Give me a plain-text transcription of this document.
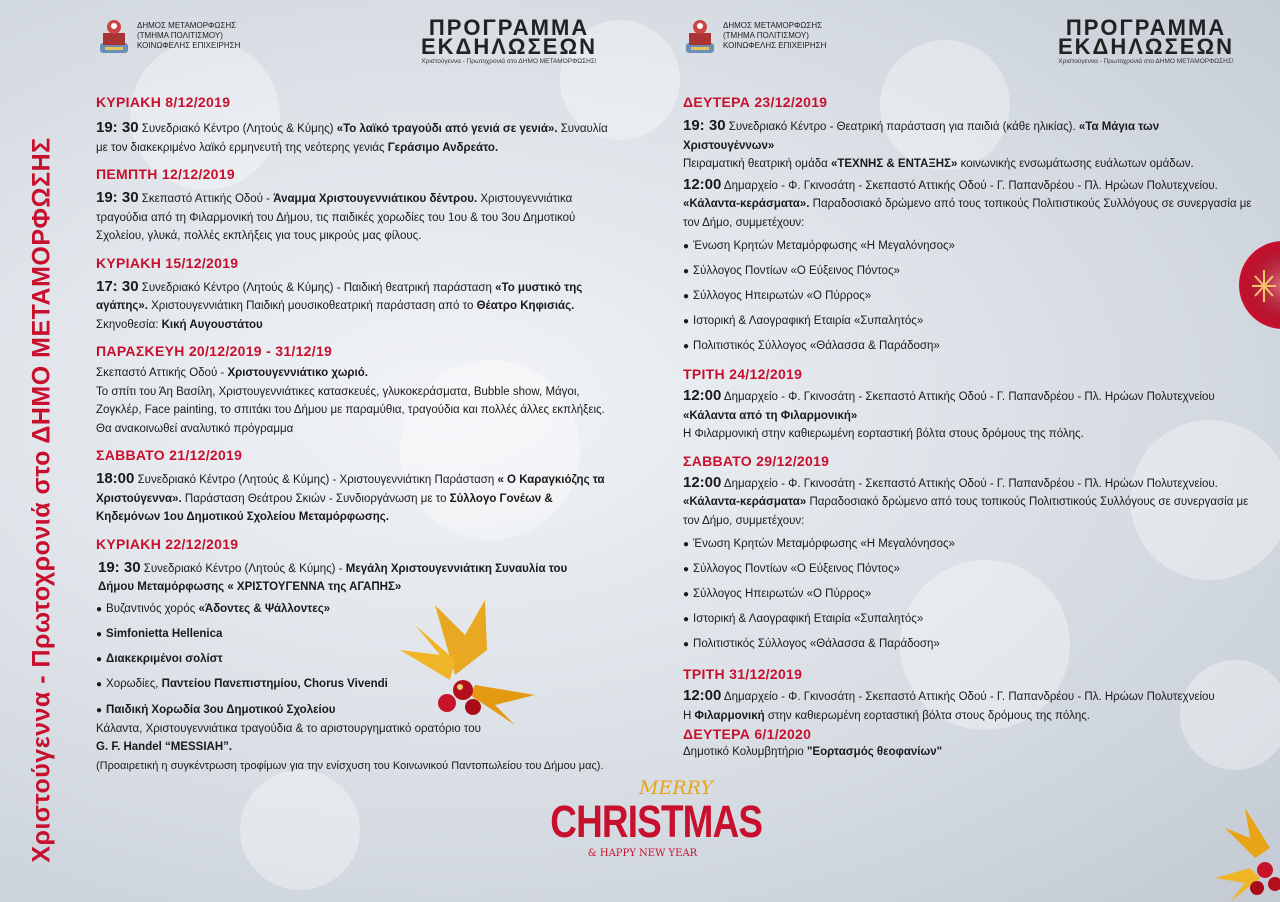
Χριστούγεννα - Πρωτοχρονιά στο ΔΗΜΟ ΜΕΤΑΜΟΡΦΩΣΗΣ
ΔΗΜΟΣ ΜΕΤΑΜΟΡΦΩΣΗΣ
(ΤΜΗΜΑ ΠΟΛΙΤΙΣΜΟΥ)
ΚΟΙΝΩΦΕΛΗΣ ΕΠΙΧΕΙΡΗΣΗ
ΠΡΟΓΡΑΜΜΑ
ΕΚΔΗΛΩΣΕΩΝ
Χριστούγεννα - Πρωτοχρονιά στο ΔΗΜΟ ΜΕΤΑΜΟΡΦΩΣΗΣ!

ΚΥΡΙΑΚΗ 8/12/2019

19: 30 Συνεδριακό Κέντρο (Λητούς & Κύμης) «Το λαϊκό τραγούδι από γενιά σε γενιά». Συναυλία με τον διακεκριμένο λαϊκό ερμηνευτή της νεότερης γενιάς Γεράσιμο Ανδρεάτο.

ΠΕΜΠΤΗ 12/12/2019

19: 30 Σκεπαστό Αττικής Οδού - Άναμμα Χριστουγεννιάτικου δέντρου. Χριστουγεννιάτικα τραγούδια από τη Φιλαρμονική του Δήμου, τις παιδικές χορωδίες του 1ου & του 3ου Δημοτικού Σχολείου, γλυκά, πολλές εκπλήξεις για τους μικρούς μας φίλους.

ΚΥΡΙΑΚΗ 15/12/2019

17: 30 Συνεδριακό Κέντρο (Λητούς & Κύμης) - Παιδική θεατρική παράσταση «Το μυστικό της αγάπης». Χριστουγεννιάτικη Παιδική μουσικοθεατρική παράσταση από το Θέατρο Κηφισιάς.

Σκηνοθεσία: Κική Αυγουστάτου

ΠΑΡΑΣΚΕΥΗ 20/12/2019 - 31/12/19

Σκεπαστό Αττικής Οδού - Χριστουγεννιάτικο χωριό.

Το σπίτι του Άη Βασίλη, Χριστουγεννιάτικες κατασκευές, γλυκοκεράσματα, Bubble show, Μάγοι, Ζογκλέρ, Face painting, το σπιτάκι του Δήμου με παραμύθια, τραγούδια και πολλές άλλες εκπλήξεις.

Θα ανακοινωθεί αναλυτικό πρόγραμμα

ΣΑΒΒΑΤΟ 21/12/2019

18:00 Συνεδριακό Κέντρο (Λητούς & Κύμης) - Χριστουγεννιάτικη Παράσταση « Ο Καραγκιόζης τα Χριστούγεννα». Παράσταση Θεάτρου Σκιών - Συνδιοργάνωση με το Σύλλογο Γονέων & Κηδεμόνων 1ου Δημοτικού Σχολείου Μεταμόρφωσης.

ΚΥΡΙΑΚΗ 22/12/2019

19: 30 Συνεδριακό Κέντρο (Λητούς & Κύμης) - Μεγάλη Χριστουγεννιάτικη Συναυλία του Δήμου Μεταμόρφωσης « ΧΡΙΣΤΟΥΓΕΝΝΑ της ΑΓΑΠΗΣ»

● Βυζαντινός χορός «Άδοντες & Ψάλλοντες»

● Simfonietta Hellenica

● Διακεκριμένοι σολίστ

● Χορωδίες, Παντείου Πανεπιστημίου, Chorus Vivendi

● Παιδική Χορωδία 3ου Δημοτικού Σχολείου

Κάλαντα, Χριστουγεννιάτικα τραγούδια & το αριστουργηματικό ορατόριο του

G. F. Handel “MESSIAH”.

(Προαιρετική η συγκέντρωση τροφίμων για την ενίσχυση του Κοινωνικού Παντοπωλείου του Δήμου μας).

MERRY
CHRISTMAS
& HAPPY NEW YEAR
ΔΗΜΟΣ ΜΕΤΑΜΟΡΦΩΣΗΣ
(ΤΜΗΜΑ ΠΟΛΙΤΙΣΜΟΥ)
ΚΟΙΝΩΦΕΛΗΣ ΕΠΙΧΕΙΡΗΣΗ
ΠΡΟΓΡΑΜΜΑ
ΕΚΔΗΛΩΣΕΩΝ
Χριστούγεννα - Πρωτοχρονιά στο ΔΗΜΟ ΜΕΤΑΜΟΡΦΩΣΗΣ!

ΔΕΥΤΕΡΑ 23/12/2019

19: 30 Συνεδριακό Κέντρο - Θεατρική παράσταση για παιδιά (κάθε ηλικίας). «Τα Μάγια των Χριστουγέννων»
Πειραματική θεατρική ομάδα «ΤΕΧΝΗΣ & ΕΝΤΑΞΗΣ» κοινωνικής ενσωμάτωσης ευάλωτων ομάδων.

12:00 Δημαρχείο - Φ. Γκινοσάτη - Σκεπαστό Αττικής Οδού - Γ. Παπανδρέου - Πλ. Ηρώων Πολυτεχνείου.
«Κάλαντα-κεράσματα». Παραδοσιακό δρώμενο από τους τοπικούς Πολιτιστικούς Συλλόγους σε συνεργασία με τον Δήμο, συμμετέχουν:

● Ένωση Κρητών Μεταμόρφωσης «Η Μεγαλόνησος»

● Σύλλογος Ποντίων «Ο Εύξεινος Πόντος»

● Σύλλογος Ηπειρωτών «Ο Πύρρος»

● Ιστορική & Λαογραφική Εταιρία «Συπαλητός»

● Πολιτιστικός Σύλλογος «Θάλασσα & Παράδοση»

ΤΡΙΤΗ 24/12/2019

12:00 Δημαρχείο - Φ. Γκινοσάτη - Σκεπαστό Αττικής Οδού - Γ. Παπανδρέου - Πλ. Ηρώων Πολυτεχνείου
«Κάλαντα από τη Φιλαρμονική»
Η Φιλαρμονική στην καθιερωμένη εορταστική βόλτα στους δρόμους της πόλης.

ΣΑΒΒΑΤΟ 29/12/2019

12:00 Δημαρχείο - Φ. Γκινοσάτη - Σκεπαστό Αττικής Οδού - Γ. Παπανδρέου - Πλ. Ηρώων Πολυτεχνείου.
«Κάλαντα-κεράσματα» Παραδοσιακό δρώμενο από τους τοπικούς Πολιτιστικούς Συλλόγους σε συνεργασία με τον Δήμο, συμμετέχουν:

● Ένωση Κρητών Μεταμόρφωσης «Η Μεγαλόνησος»

● Σύλλογος Ποντίων «Ο Εύξεινος Πόντος»

● Σύλλογος Ηπειρωτών «Ο Πύρρος»

● Ιστορική & Λαογραφική Εταιρία «Συπαλητός»

● Πολιτιστικός Σύλλογος «Θάλασσα & Παράδοση»

ΤΡΙΤΗ 31/12/2019

12:00 Δημαρχείο - Φ. Γκινοσάτη - Σκεπαστό Αττικής Οδού - Γ. Παπανδρέου - Πλ. Ηρώων Πολυτεχνείου
Η Φιλαρμονική στην καθιερωμένη εορταστική βόλτα στους δρόμους της πόλης.

ΔΕΥΤΕΡΑ 6/1/2020

Δημοτικό Κολυμβητήριο "Εορτασμός θεοφανίων"
